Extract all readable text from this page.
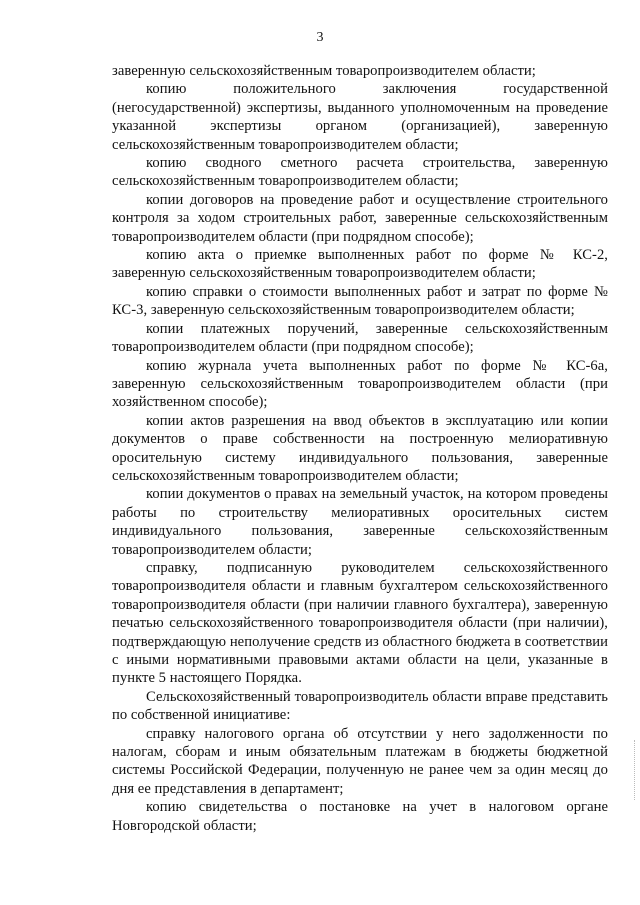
3

заверенную сельскохозяйственным товаропроизводителем области;

копию положительного заключения государственной (негосударственной) экспертизы, выданного уполномоченным на проведение указанной экспертизы органом (организацией), заверенную сельскохозяйственным товаропроизводителем области;

копию сводного сметного расчета строительства, заверенную сельскохозяйственным товаропроизводителем области;

копии договоров на проведение работ и осуществление строительного контроля за ходом строительных работ, заверенные сельскохозяйственным товаропроизводителем области (при подрядном способе);

копию акта о приемке выполненных работ по форме № КС-2, заверенную сельскохозяйственным товаропроизводителем области;

копию справки о стоимости выполненных работ и затрат по форме № КС-3, заверенную сельскохозяйственным товаропроизводителем области;

копии платежных поручений, заверенные сельскохозяйственным товаропроизводителем области (при подрядном способе);

копию журнала учета выполненных работ по форме № КС-6а, заверенную сельскохозяйственным товаропроизводителем области (при хозяйственном способе);

копии актов разрешения на ввод объектов в эксплуатацию или копии документов о праве собственности на построенную мелиоративную оросительную систему индивидуального пользования, заверенные сельскохозяйственным товаропроизводителем области;

копии документов о правах на земельный участок, на котором проведены работы по строительству мелиоративных оросительных систем индивидуального пользования, заверенные сельскохозяйственным товаропроизводителем области;

справку, подписанную руководителем сельскохозяйственного товаропроизводителя области и главным бухгалтером сельскохозяйственного товаропроизводителя области (при наличии главного бухгалтера), заверенную печатью сельскохозяйственного товаропроизводителя области (при наличии), подтверждающую неполучение средств из областного бюджета в соответствии с иными нормативными правовыми актами области на цели, указанные в пункте 5 настоящего Порядка.

Сельскохозяйственный товаропроизводитель области вправе представить по собственной инициативе:

справку налогового органа об отсутствии у него задолженности по налогам, сборам и иным обязательным платежам в бюджеты бюджетной системы Российской Федерации, полученную не ранее чем за один месяц до дня ее представления в департамент;

копию свидетельства о постановке на учет в налоговом органе Новгородской области;
